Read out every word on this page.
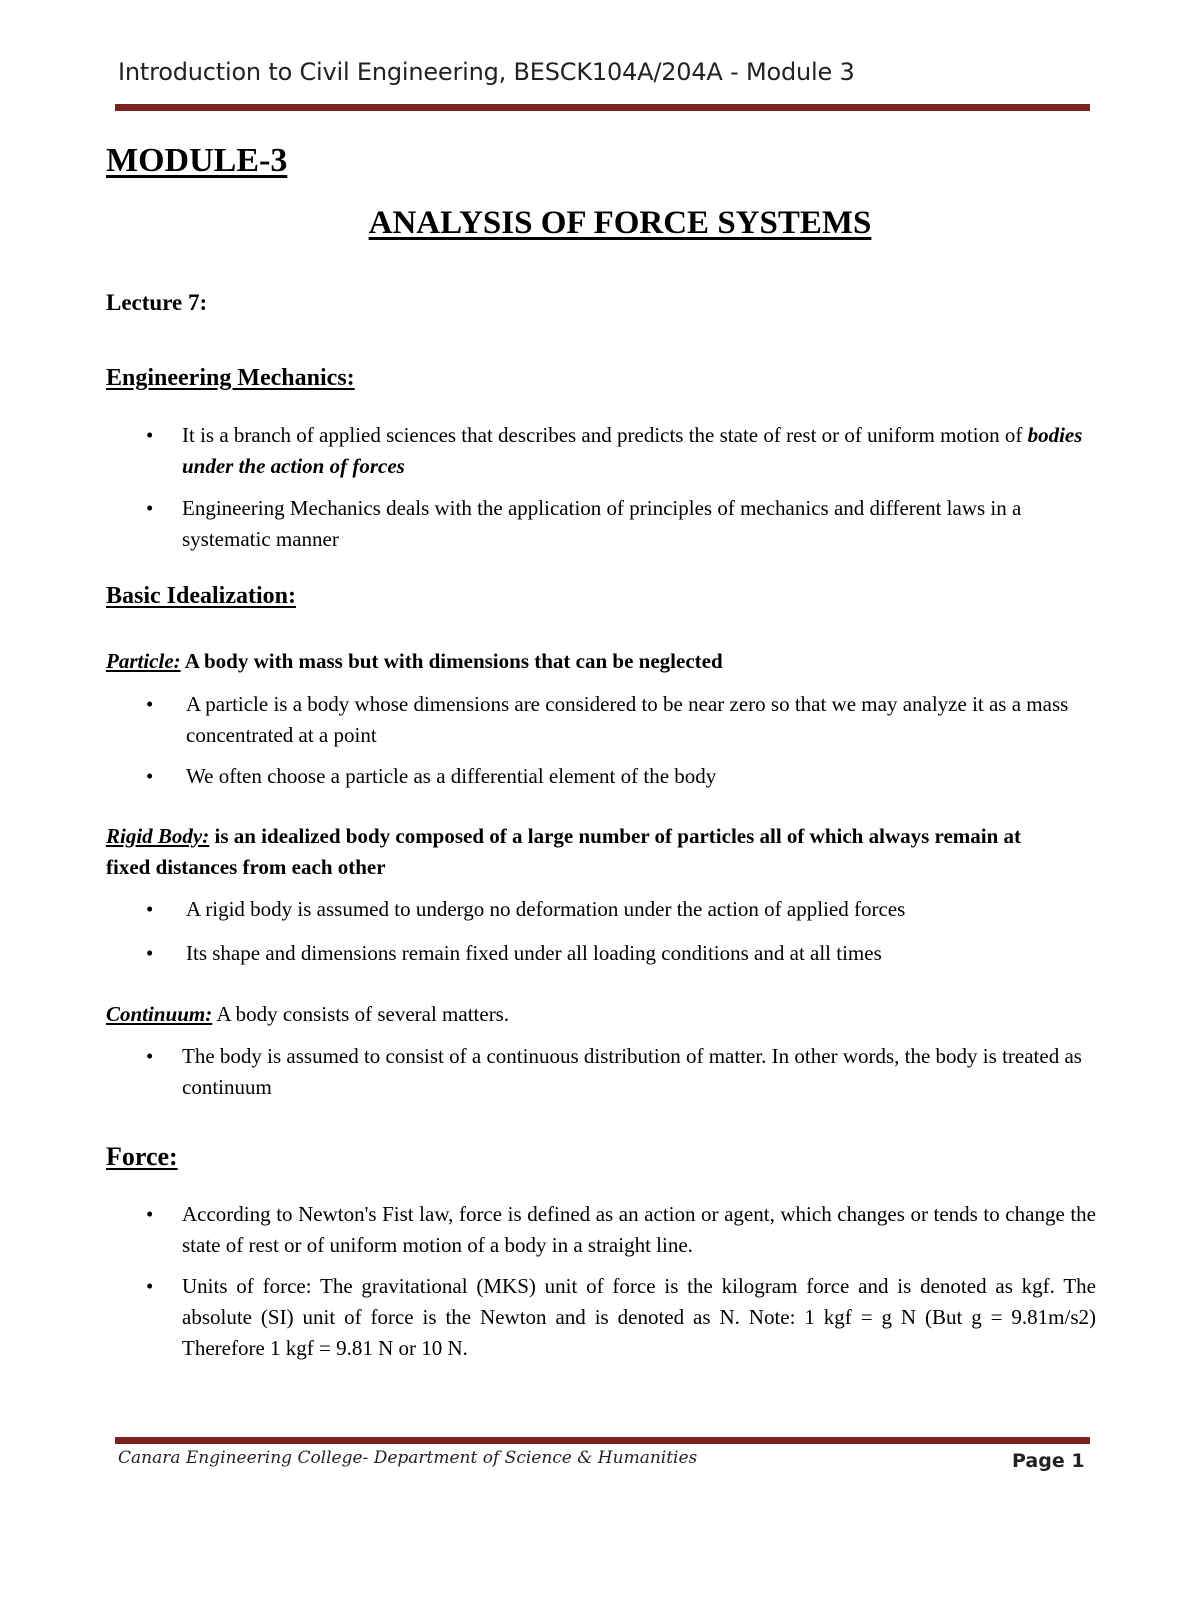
Introduction to Civil Engineering, BESCK104A/204A - Module 3
MODULE-3
ANALYSIS OF FORCE SYSTEMS
Lecture 7:
Engineering Mechanics:
• It is a branch of applied sciences that describes and predicts the state of rest or of uniform motion of bodies under the action of forces
• Engineering Mechanics deals with the application of principles of mechanics and different laws in a systematic manner
Basic Idealization:
Particle: A body with mass but with dimensions that can be neglected
• A particle is a body whose dimensions are considered to be near zero so that we may analyze it as a mass concentrated at a point
• We often choose a particle as a differential element of the body
Rigid Body: is an idealized body composed of a large number of particles all of which always remain at fixed distances from each other
• A rigid body is assumed to undergo no deformation under the action of applied forces
• Its shape and dimensions remain fixed under all loading conditions and at all times
Continuum: A body consists of several matters.
• The body is assumed to consist of a continuous distribution of matter. In other words, the body is treated as continuum
Force:
• According to Newton's Fist law, force is defined as an action or agent, which changes or tends to change the state of rest or of uniform motion of a body in a straight line.
• Units of force: The gravitational (MKS) unit of force is the kilogram force and is denoted as kgf. The absolute (SI) unit of force is the Newton and is denoted as N. Note: 1 kgf = g N (But g = 9.81m/s2) Therefore 1 kgf = 9.81 N or 10 N.
Canara Engineering College- Department of Science & Humanities	Page 1
